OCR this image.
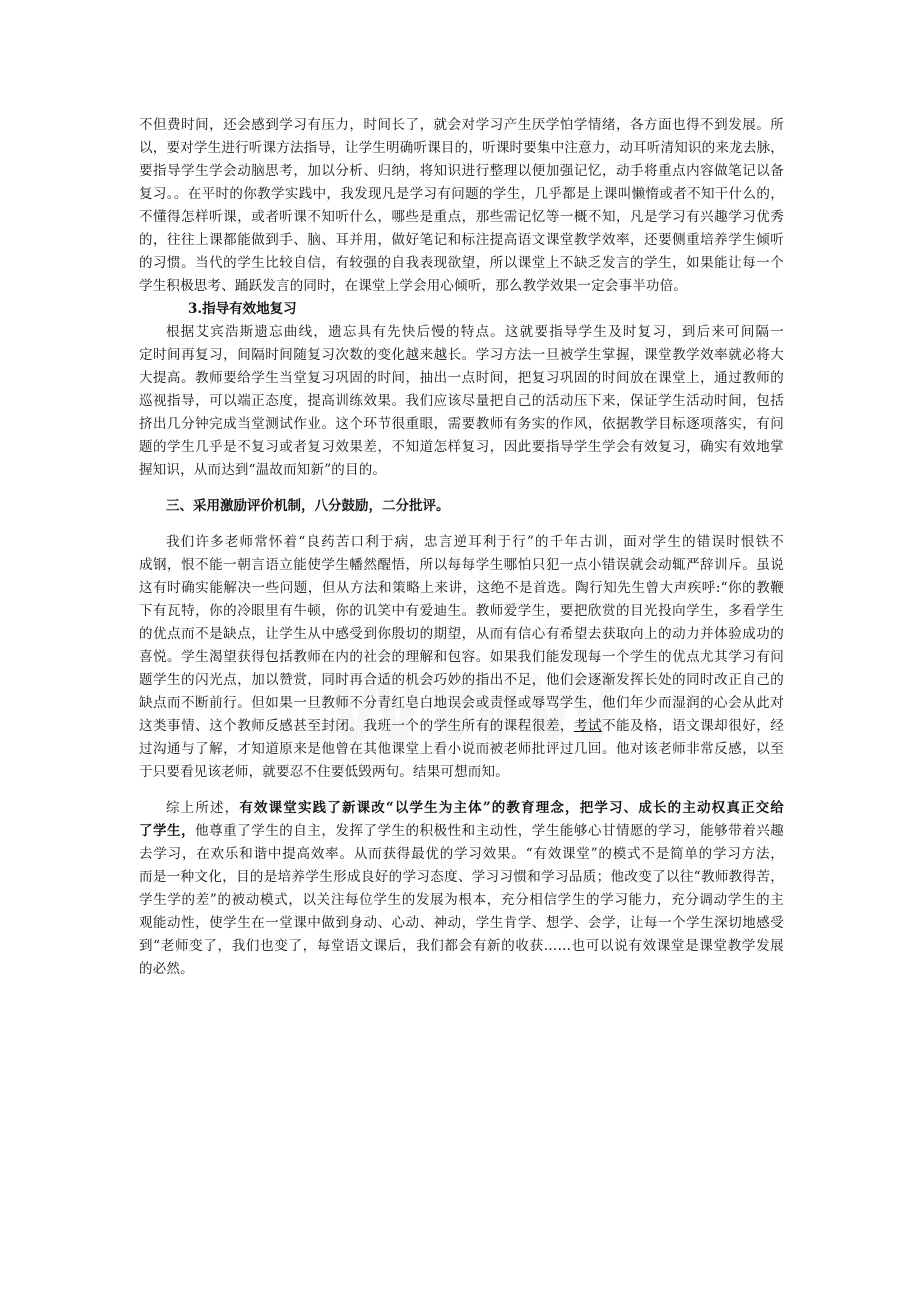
不但费时间，还会感到学习有压力，时间长了，就会对学习产生厌学怕学情绪，各方面也得不到发展。所
以，要对学生进行听课方法指导，让学生明确听课目的，听课时要集中注意力，动耳听清知识的来龙去脉，
要指导学生学会动脑思考，加以分析、归纳，将知识进行整理以便加强记忆，动手将重点内容做笔记以备
复习。。在平时的你教学实践中，我发现凡是学习有问题的学生，几乎都是上课叫懒惰或者不知干什么的，
不懂得怎样听课，或者听课不知听什么，哪些是重点，那些需记忆等一概不知，凡是学习有兴趣学习优秀
的，往往上课都能做到手、脑、耳并用，做好笔记和标注提高语文课堂教学效率，还要侧重培养学生倾听
的习惯。当代的学生比较自信，有较强的自我表现欲望，所以课堂上不缺乏发言的学生，如果能让每一个
学生积极思考、踊跃发言的同时，在课堂上学会用心倾听，那么教学效果一定会事半功倍。
3.指导有效地复习
根据艾宾浩斯遗忘曲线，遗忘具有先快后慢的特点。这就要指导学生及时复习，到后来可间隔一
定时间再复习，间隔时间随复习次数的变化越来越长。学习方法一旦被学生掌握，课堂教学效率就必将大
大提高。教师要给学生当堂复习巩固的时间，抽出一点时间，把复习巩固的时间放在课堂上，通过教师的
巡视指导，可以端正态度，提高训练效果。我们应该尽量把自己的活动压下来，保证学生活动时间，包括
挤出几分钟完成当堂测试作业。这个环节很重眼，需要教师有务实的作风，依据教学目标逐项落实，有问
题的学生几乎是不复习或者复习效果差，不知道怎样复习，因此要指导学生学会有效复习，确实有效地掌
握知识，从而达到“温故而知新”的目的。
三、采用激励评价机制，八分鼓励，二分批评。
我们许多老师常怀着“良药苦口利于病，忠言逆耳利于行”的千年古训，面对学生的错误时恨铁不
成钢，恨不能一朝言语立能使学生幡然醒悟，所以每每学生哪怕只犯一点小错误就会动辄严辞训斥。虽说
这有时确实能解决一些问题，但从方法和策略上来讲，这绝不是首选。陶行知先生曾大声疾呼:“你的教鞭
下有瓦特，你的冷眼里有牛顿，你的讥笑中有爱迪生。教师爱学生，要把欣赏的目光投向学生，多看学生
的优点而不是缺点，让学生从中感受到你殷切的期望，从而有信心有希望去获取向上的动力并体验成功的
喜悦。学生渴望获得包括教师在内的社会的理解和包容。如果我们能发现每一个学生的优点尤其学习有问
题学生的闪光点，加以赞赏，同时再合适的机会巧妙的指出不足，他们会逐渐发挥长处的同时改正自己的
缺点而不断前行。但如果一旦教师不分青红皂白地误会或责怪或辱骂学生，他们年少而湿润的心会从此对
这类事情、这个教师反感甚至封闭。我班一个的学生所有的课程很差，考试不能及格，语文课却很好，经
过沟通与了解，才知道原来是他曾在其他课堂上看小说而被老师批评过几回。他对该老师非常反感，以至
于只要看见该老师，就要忍不住要低毁两句。结果可想而知。
综上所述，有效课堂实践了新课改“以学生为主体”的教育理念，把学习、成长的主动权真正交给
了学生，他尊重了学生的自主，发挥了学生的积极性和主动性，学生能够心甘情愿的学习，能够带着兴趣
去学习，在欢乐和谐中提高效率。从而获得最优的学习效果。“有效课堂”的模式不是简单的学习方法，
而是一种文化，目的是培养学生形成良好的学习态度、学习习惯和学习品质；他改变了以往“教师教得苦，
学生学的差”的被动模式，以关注每位学生的发展为根本，充分相信学生的学习能力，充分调动学生的主
观能动性，使学生在一堂课中做到身动、心动、神动，学生肯学、想学、会学，让每一个学生深切地感受
到“老师变了，我们也变了，每堂语文课后，我们都会有新的收获……也可以说有效课堂是课堂教学发展
的必然。
